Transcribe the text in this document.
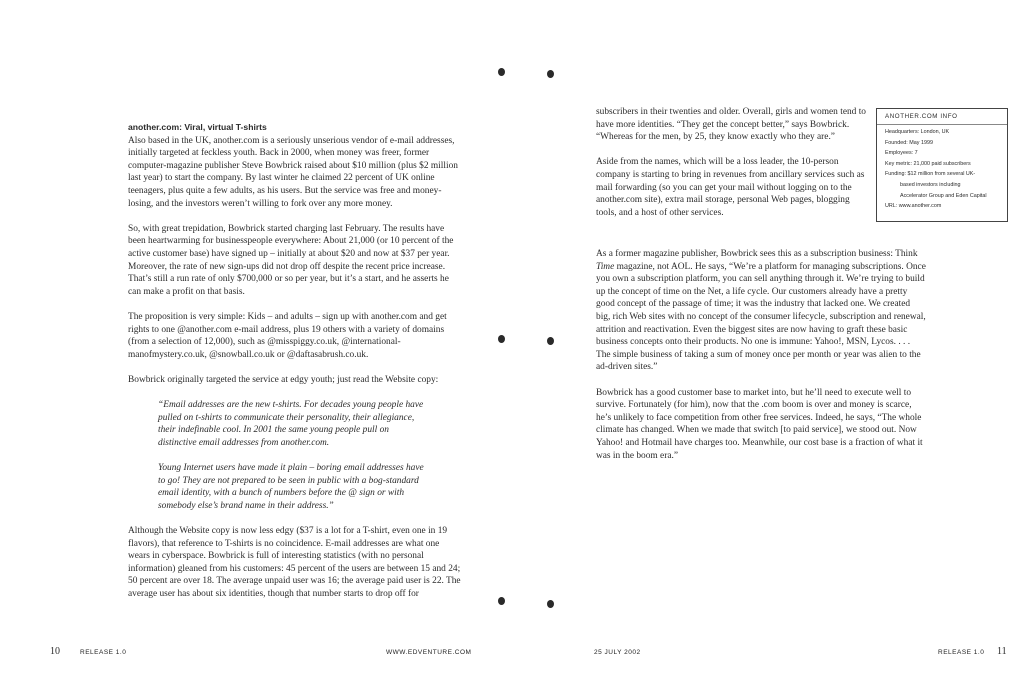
another.com: Viral, virtual T-shirts

Also based in the UK, another.com is a seriously unserious vendor of e-mail addresses, initially targeted at feckless youth. Back in 2000, when money was freer, former computer-magazine publisher Steve Bowbrick raised about $10 million (plus $2 million last year) to start the company. By last winter he claimed 22 percent of UK online teenagers, plus quite a few adults, as his users. But the service was free and money-losing, and the investors weren’t willing to fork over any more money.

So, with great trepidation, Bowbrick started charging last February. The results have been heartwarming for businesspeople everywhere: About 21,000 (or 10 percent of the active customer base) have signed up – initially at about $20 and now at $37 per year. Moreover, the rate of new sign-ups did not drop off despite the recent price increase. That’s still a run rate of only $700,000 or so per year, but it’s a start, and he asserts he can make a profit on that basis.

The proposition is very simple: Kids – and adults – sign up with another.com and get rights to one @another.com e-mail address, plus 19 others with a variety of domains (from a selection of 12,000), such as @misspiggy.co.uk, @international-manofmystery.co.uk, @snowball.co.uk or @daftasabrush.co.uk.

Bowbrick originally targeted the service at edgy youth; just read the Website copy:

“Email addresses are the new t-shirts. For decades young people have pulled on t-shirts to communicate their personality, their allegiance, their indefinable cool. In 2001 the same young people pull on distinctive email addresses from another.com.

Young Internet users have made it plain – boring email addresses have to go! They are not prepared to be seen in public with a bog-standard email identity, with a bunch of numbers before the @ sign or with somebody else’s brand name in their address.”

Although the Website copy is now less edgy ($37 is a lot for a T-shirt, even one in 19 flavors), that reference to T-shirts is no coincidence. E-mail addresses are what one wears in cyberspace. Bowbrick is full of interesting statistics (with no personal information) gleaned from his customers: 45 percent of the users are between 15 and 24; 50 percent are over 18. The average unpaid user was 16; the average paid user is 22. The average user has about six identities, though that number starts to drop off for

subscribers in their twenties and older. Overall, girls and women tend to have more identities. “They get the concept better,” says Bowbrick. “Whereas for the men, by 25, they know exactly who they are.”

Aside from the names, which will be a loss leader, the 10-person company is starting to bring in revenues from ancillary services such as mail forwarding (so you can get your mail without logging on to the another.com site), extra mail storage, personal Web pages, blogging tools, and a host of other services.

As a former magazine publisher, Bowbrick sees this as a subscription business: Think Time magazine, not AOL. He says, “We’re a platform for managing subscriptions. Once you own a subscription platform, you can sell anything through it. We’re trying to build up the concept of time on the Net, a life cycle. Our customers already have a pretty good concept of the passage of time; it was the industry that lacked one. We created big, rich Web sites with no concept of the consumer lifecycle, subscription and renewal, attrition and reactivation. Even the biggest sites are now having to graft these basic business concepts onto their products. No one is immune: Yahoo!, MSN, Lycos. . . . The simple business of taking a sum of money once per month or year was alien to the ad-driven sites.”

Bowbrick has a good customer base to market into, but he’ll need to execute well to survive. Fortunately (for him), now that the .com boom is over and money is scarce, he’s unlikely to face competition from other free services. Indeed, he says, “The whole climate has changed. When we made that switch [to paid service], we stood out. Now Yahoo! and Hotmail have charges too. Meanwhile, our cost base is a fraction of what it was in the boom era.”

ANOTHER.COM INFO
Headquarters: London, UK
Founded: May 1999
Employees: 7
Key metric: 21,000 paid subscribers
Funding: $12 million from several UK-
based investors including
Accelerator Group and Eden Capital
URL: www.another.com
10	RELEASE 1.0	WWW.EDVENTURE.COM	25 JULY 2002	RELEASE 1.0 11
